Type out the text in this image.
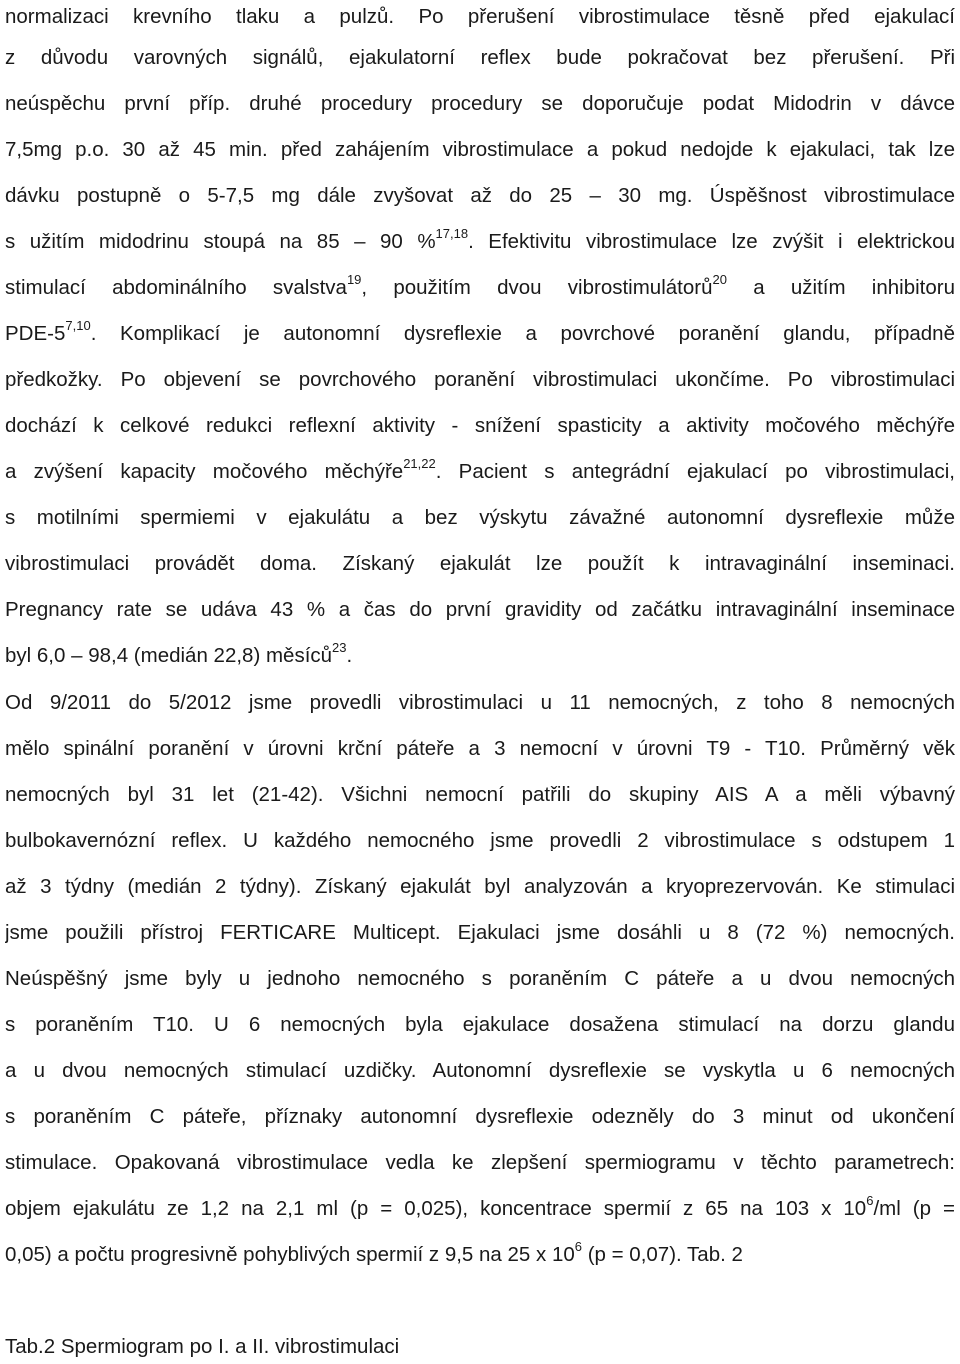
normalizaci krevního tlaku a pulzů. Po přerušení vibrostimulace těsně před ejakulací
z důvodu varovných signálů, ejakulatorní reflex bude pokračovat bez přerušení. Při
neúspěchu první příp. druhé procedury procedury se doporučuje podat Midodrin v dávce
7,5mg p.o. 30 až 45 min. před zahájením vibrostimulace a pokud nedojde k ejakulaci, tak lze
dávku postupně o 5-7,5 mg dále zvyšovat až do 25 – 30 mg. Úspěšnost vibrostimulace
s užitím midodrinu stoupá na 85 – 90 %$^{17,18}$. Efektivitu vibrostimulace lze zvýšit i elektrickou
stimulací abdominálního svalstva$^{19}$, použitím dvou vibrostimulátorů$^{20}$ a užitím inhibitoru
PDE-5$^{7,10}$. Komplikací je autonomní dysreflexie a povrchové poranění glandu, případně
předkožky. Po objevení se povrchového poranění vibrostimulaci ukončíme. Po vibrostimulaci
dochází k celkové redukci reflexní aktivity - snížení spasticity a aktivity močového měchýře
a zvýšení kapacity močového měchýře$^{21,22}$. Pacient s antegrádní ejakulací po vibrostimulaci,
s motilními spermiemi v ejakulátu a bez výskytu závažné autonomní dysreflexie může
vibrostimulaci provádět doma. Získaný ejakulát lze použít k intravaginální inseminaci.
Pregnancy rate se udáva 43 % a čas do první gravidity od začátku intravaginální inseminace
byl 6,0 – 98,4 (medián 22,8) měsíců$^{23}$.
Od 9/2011 do 5/2012 jsme provedli vibrostimulaci u 11 nemocných, z toho 8 nemocných
mělo spinální poranění v úrovni krční páteře a 3 nemocní v úrovni T9 - T10. Průměrný věk
nemocných byl 31 let (21-42). Všichni nemocní patřili do skupiny AIS A a měli výbavný
bulbokavernózní reflex. U každého nemocného jsme provedli 2 vibrostimulace s odstupem 1
až 3 týdny (medián 2 týdny). Získaný ejakulát byl analyzován a kryoprezervován. Ke stimulaci
jsme použili přístroj FERTICARE Multicept. Ejakulaci jsme dosáhli u 8 (72 %) nemocných.
Neúspěšný jsme byly u jednoho nemocného s poraněním C páteře a u dvou nemocných
s poraněním T10. U 6 nemocných byla ejakulace dosažena stimulací na dorzu glandu
a u dvou nemocných stimulací uzdičky. Autonomní dysreflexie se vyskytla u 6 nemocných
s poraněním C páteře, příznaky autonomní dysreflexie odezněly do 3 minut od ukončení
stimulace. Opakovaná vibrostimulace vedla ke zlepšení spermiogramu v těchto parametrech:
objem ejakulátu ze 1,2 na 2,1 ml (p = 0,025), koncentrace spermií z 65 na 103 x $10^6/ml$ (p =
0,05) a počtu progresivně pohyblivých spermií z 9,5 na 25 x $10^6$ (p = 0,07). Tab. 2
Tab.2 Spermiogram po I. a II. vibrostimulaci
